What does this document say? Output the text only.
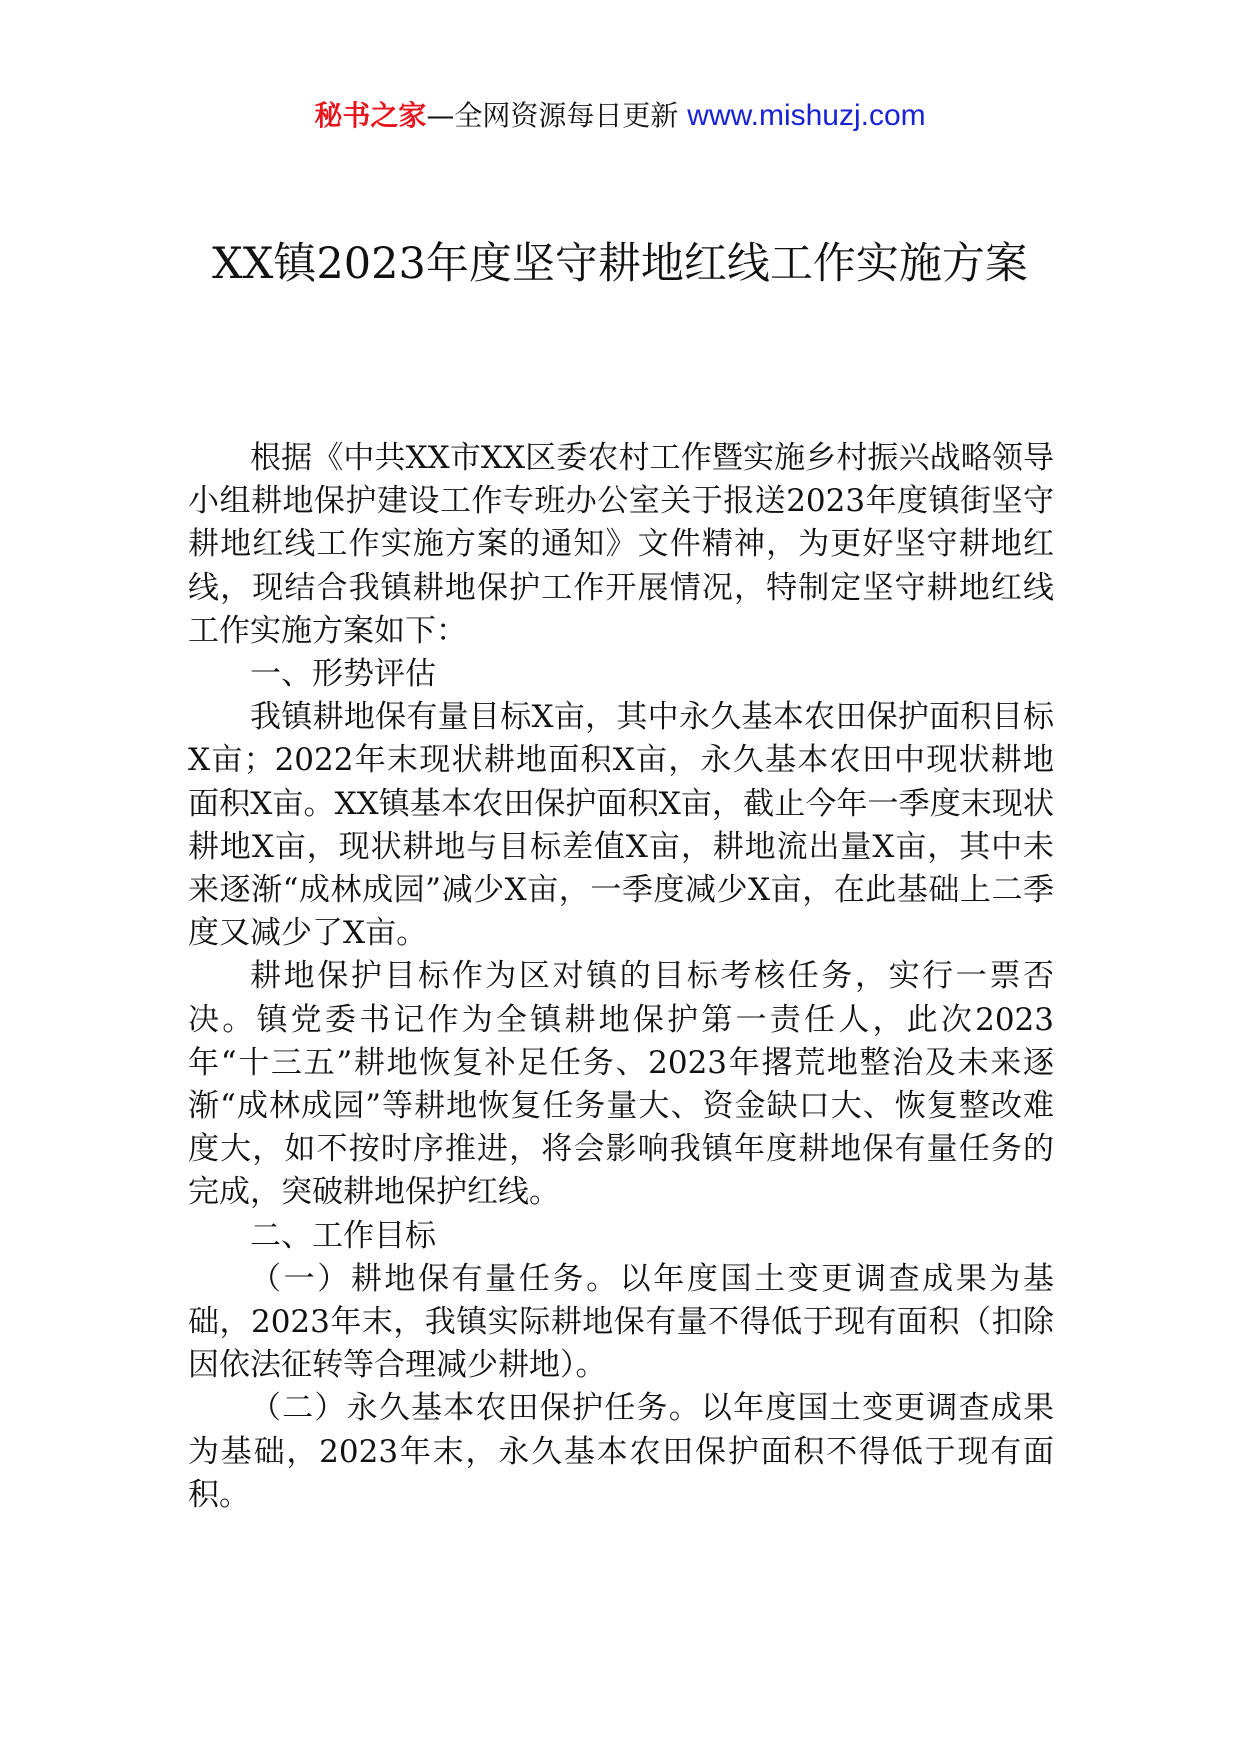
秘书之家—全网资源每日更新 www.mishuzj.com
XX镇2023年度坚守耕地红线工作实施方案

根据《中共XX市XX区委农村工作暨实施乡村振兴战略领导小组耕地保护建设工作专班办公室关于报送2023年度镇街坚守耕地红线工作实施方案的通知》文件精神，为更好坚守耕地红线，现结合我镇耕地保护工作开展情况，特制定坚守耕地红线工作实施方案如下：

一、形势评估

我镇耕地保有量目标X亩，其中永久基本农田保护面积目标X亩；2022年末现状耕地面积X亩，永久基本农田中现状耕地面积X亩。XX镇基本农田保护面积X亩，截止今年一季度末现状耕地X亩，现状耕地与目标差值X亩，耕地流出量X亩，其中未来逐渐“成林成园”减少X亩，一季度减少X亩，在此基础上二季度又减少了X亩。

耕地保护目标作为区对镇的目标考核任务，实行一票否决。镇党委书记作为全镇耕地保护第一责任人，此次2023年“十三五”耕地恢复补足任务、2023年撂荒地整治及未来逐渐“成林成园”等耕地恢复任务量大、资金缺口大、恢复整改难度大，如不按时序推进，将会影响我镇年度耕地保有量任务的完成，突破耕地保护红线。

二、工作目标

（一）耕地保有量任务。以年度国土变更调查成果为基础，2023年末，我镇实际耕地保有量不得低于现有面积（扣除因依法征转等合理减少耕地）。

（二）永久基本农田保护任务。以年度国土变更调查成果为基础，2023年末，永久基本农田保护面积不得低于现有面积。
